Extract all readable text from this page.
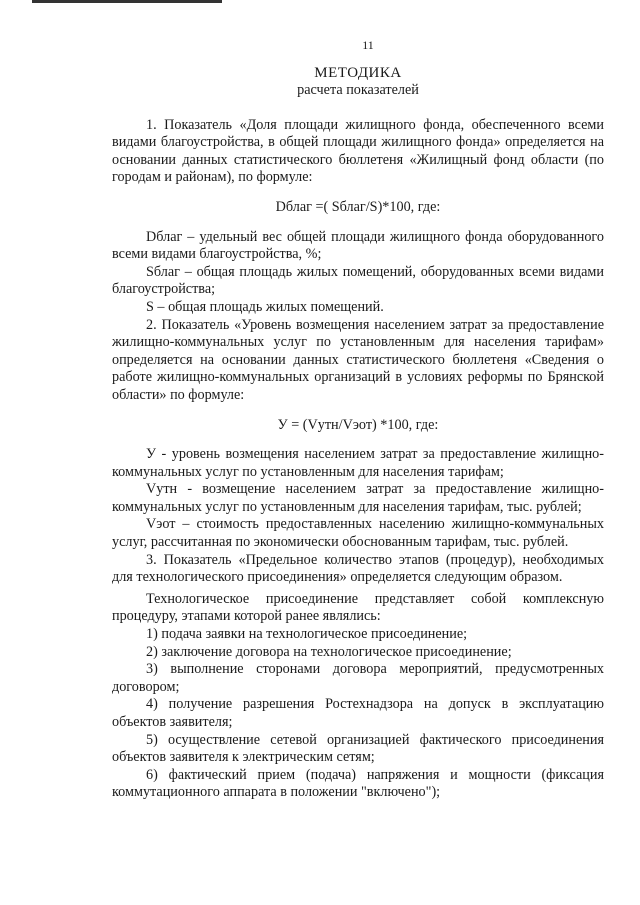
11
МЕТОДИКА
расчета показателей

1. Показатель «Доля площади жилищного фонда, обеспеченного всеми видами благоустройства, в общей площади жилищного фонда» определяется на основании данных статистического бюллетеня «Жилищный фонд области (по городам и районам), по формуле:

Dблаг =( Sблаг/S)*100, где:

Dблаг – удельный вес общей площади жилищного фонда оборудованного всеми видами благоустройства, %;

Sблаг – общая площадь жилых помещений, оборудованных всеми видами благоустройства;

S – общая площадь жилых помещений.

2. Показатель «Уровень возмещения населением затрат за предоставление жилищно-коммунальных услуг по установленным для населения тарифам» определяется на основании данных статистического бюллетеня «Сведения о работе жилищно-коммунальных организаций в условиях реформы по Брянской области» по формуле:

У = (Vутн/Vэот) *100, где:

У - уровень возмещения населением затрат за предоставление жилищно-коммунальных услуг по установленным для населения тарифам;

Vутн - возмещение населением затрат за предоставление жилищно-коммунальных услуг по установленным для населения тарифам, тыс. рублей;

Vэот – стоимость предоставленных населению жилищно-коммунальных услуг, рассчитанная по экономически обоснованным тарифам, тыс. рублей.

3. Показатель «Предельное количество этапов (процедур), необходимых для технологического присоединения» определяется следующим образом.

Технологическое присоединение представляет собой комплексную процедуру, этапами которой ранее являлись:

1) подача заявки на технологическое присоединение;

2) заключение договора на технологическое присоединение;

3) выполнение сторонами договора мероприятий, предусмотренных договором;

4) получение разрешения Ростехнадзора на допуск в эксплуатацию объектов заявителя;

5) осуществление сетевой организацией фактического присоединения объектов заявителя к электрическим сетям;

6) фактический прием (подача) напряжения и мощности (фиксация коммутационного аппарата в положении "включено");
